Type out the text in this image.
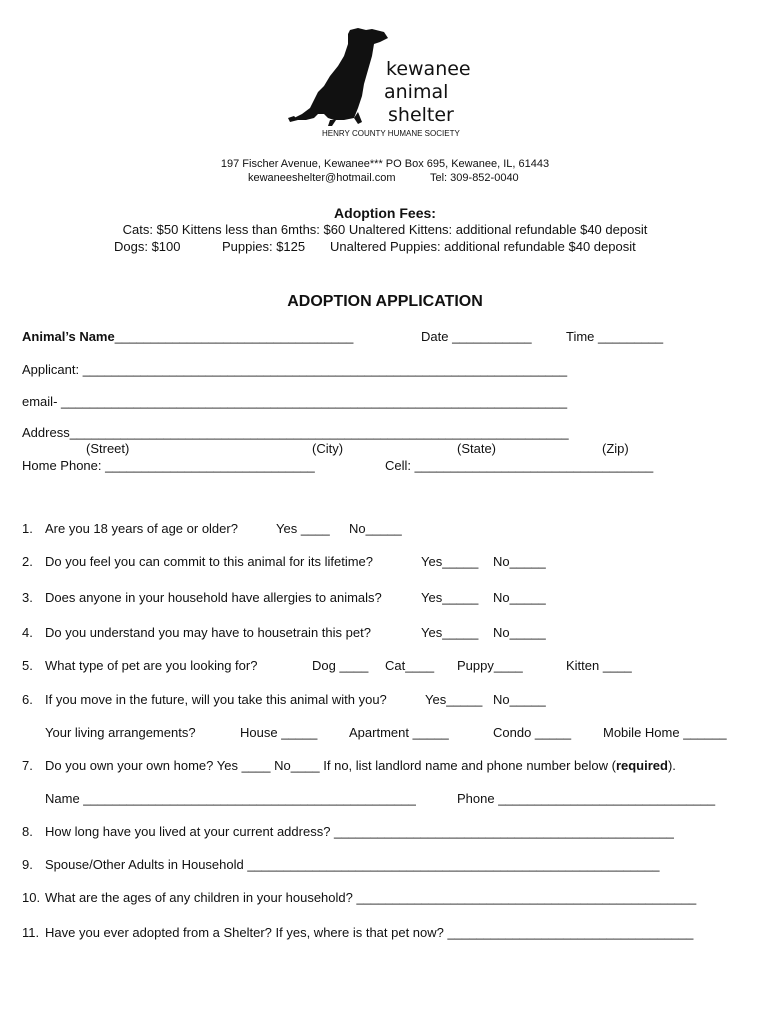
kewanee
animal
shelter
HENRY COUNTY HUMANE SOCIETY
197 Fischer Avenue, Kewanee*** PO Box 695, Kewanee, IL, 61443
kewaneeshelter@hotmail.com	Tel: 309-852-0040
Adoption Fees:
Cats: $50 Kittens less than 6mths: $60 Unaltered Kittens: additional refundable $40 deposit
Dogs: $100	Puppies: $125 Unaltered Puppies: additional refundable $40 deposit
ADOPTION APPLICATION
Animal’s Name_________________________________	Date ___________	Time _________
Applicant: ___________________________________________________________________
email- ______________________________________________________________________
Address_____________________________________________________________________
(Street)	(City)	(State)	(Zip)
Home Phone: _____________________________	Cell: _________________________________
1. Are you 18 years of age or older?	Yes ____ No_____
2. Do you feel you can commit to this animal for its lifetime?	Yes_____ No_____
3. Does anyone in your household have allergies to animals?	Yes_____ No_____
4. Do you understand you may have to housetrain this pet?	Yes_____ No_____
5. What type of pet are you looking for?	Dog ____ Cat____ Puppy____	Kitten ____
6. If you move in the future, will you take this animal with you?	Yes_____ No_____
Your living arrangements?	House _____ Apartment _____	Condo _____ Mobile Home ______
7. Do you own your own home? Yes ____ No____ If no, list landlord name and phone number below (required).
Name ______________________________________________	Phone ______________________________
8. How long have you lived at your current address? _______________________________________________
9. Spouse/Other Adults in Household _________________________________________________________
10. What are the ages of any children in your household? _______________________________________________
11. Have you ever adopted from a Shelter? If yes, where is that pet now? __________________________________
